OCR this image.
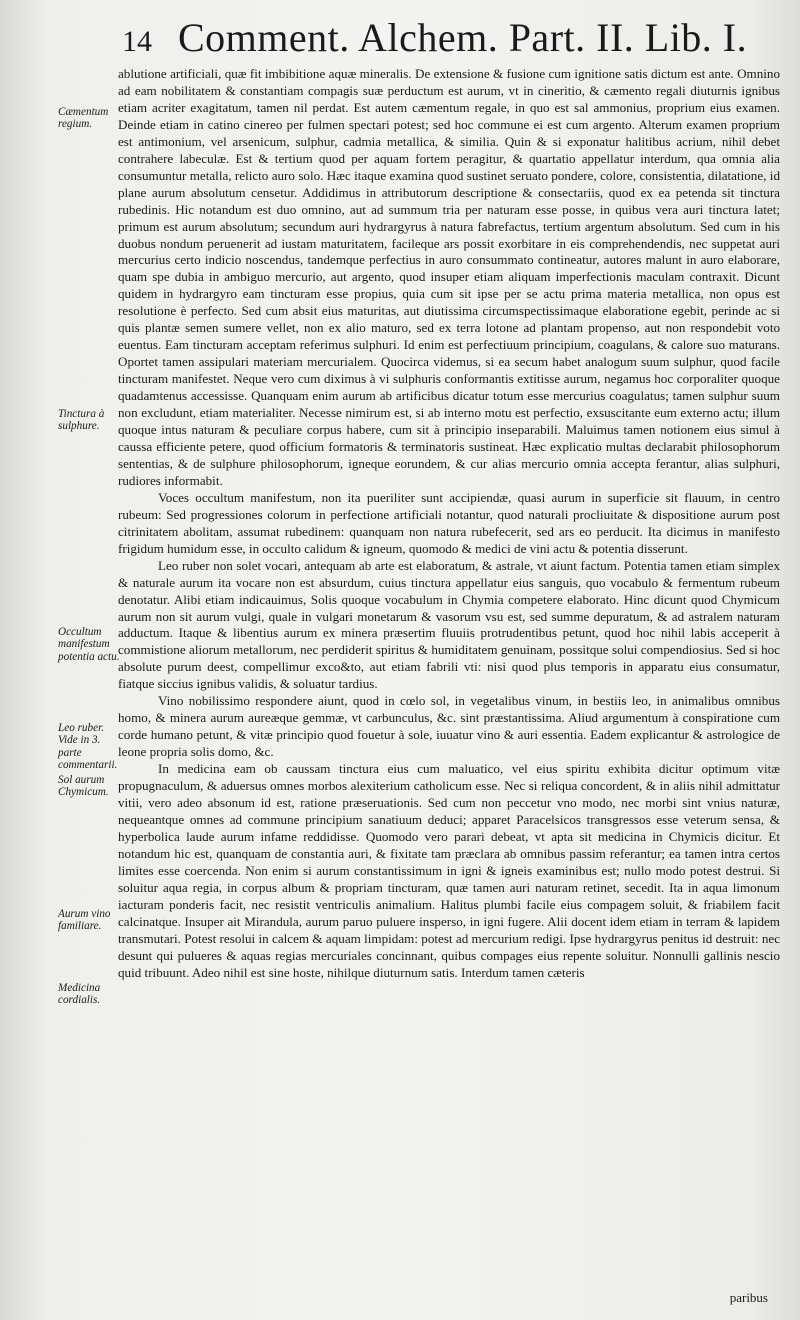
14 Comment. Alchem. Part. II. Lib. I.
Cæmentum regium.
Tinctura à sulphure.
Occultum manifestum potentia actu.
Leo ruber. Vide in 3. parte commentarii.
Sol aurum Chymicum.
Aurum vino familiare.
Medicina cordialis.

ablutione artificiali, quæ fit imbibitione aquæ mineralis. De extensione & fusione cum ignitione satis dictum est ante. Omnino ad eam nobilitatem & constantiam compagis suæ perductum est aurum, vt in cineritio, & cæmento regali diuturnis ignibus etiam acriter exagitatum, tamen nil perdat. Est autem cæmentum regale, in quo est sal ammonius, proprium eius examen. Deinde etiam in catino cinereo per fulmen spectari potest; sed hoc commune ei est cum argento. Alterum examen proprium est antimonium, vel arsenicum, sulphur, cadmia metallica, & similia. Quin & si exponatur halitibus acrium, nihil debet contrahere labeculæ. Est & tertium quod per aquam fortem peragitur, & quartatio appellatur interdum, qua omnia alia consumuntur metalla, relicto auro solo. Hæc itaque examina quod sustinet seruato pondere, colore, consistentia, dilatatione, id plane aurum absolutum censetur. Addidimus in attributorum descriptione & consectariis, quod ex ea petenda sit tinctura rubedinis. Hic notandum est duo omnino, aut ad summum tria per naturam esse posse, in quibus vera auri tinctura latet; primum est aurum absolutum; secundum auri hydrargyrus à natura fabrefactus, tertium argentum absolutum. Sed cum in his duobus nondum peruenerit ad iustam maturitatem, facileque ars possit exorbitare in eis comprehendendis, nec suppetat auri mercurius certo indicio noscendus, tandemque perfectius in auro consummato contineatur, autores malunt in auro elaborare, quam spe dubia in ambiguo mercurio, aut argento, quod insuper etiam aliquam imperfectionis maculam contraxit. Dicunt quidem in hydrargyro eam tincturam esse propius, quia cum sit ipse per se actu prima materia metallica, non opus est resolutione è perfecto. Sed cum absit eius maturitas, aut diutissima circumspectissimaque elaboratione egebit, perinde ac si quis plantæ semen sumere vellet, non ex alio maturo, sed ex terra lotone ad plantam propenso, aut non respondebit voto euentus. Eam tincturam acceptam referimus sulphuri. Id enim est perfectiuum principium, coagulans, & calore suo maturans. Oportet tamen assipulari materiam mercurialem. Quocirca videmus, si ea secum habet analogum suum sulphur, quod facile tincturam manifestet. Neque vero cum diximus à vi sulphuris conformantis extitisse aurum, negamus hoc corporaliter quoque quadamtenus accessisse. Quanquam enim aurum ab artificibus dicatur totum esse mercurius coagulatus; tamen sulphur suum non excludunt, etiam materialiter. Necesse nimirum est, si ab interno motu est perfectio, exsuscitante eum externo actu; illum quoque intus naturam & peculiare corpus habere, cum sit à principio inseparabili. Maluimus tamen notionem eius simul à caussa efficiente petere, quod officium formatoris & terminatoris sustineat. Hæc explicatio multas declarabit philosophorum sententias, & de sulphure philosophorum, igneque eorundem, & cur alias mercurio omnia accepta ferantur, alias sulphuri, rudiores informabit.

Voces occultum manifestum, non ita pueriliter sunt accipiendæ, quasi aurum in superficie sit flauum, in centro rubeum: Sed progressiones colorum in perfectione artificiali notantur, quod naturali procliuitate & dispositione aurum post citrinitatem abolitam, assumat rubedinem: quanquam non natura rubefecerit, sed ars eo perducit. Ita dicimus in manifesto frigidum humidum esse, in occulto calidum & igneum, quomodo & medici de vini actu & potentia disserunt.

Leo ruber non solet vocari, antequam ab arte est elaboratum, & astrale, vt aiunt factum. Potentia tamen etiam simplex & naturale aurum ita vocare non est absurdum, cuius tinctura appellatur eius sanguis, quo vocabulo & fermentum rubeum denotatur. Alibi etiam indicauimus, Solis quoque vocabulum in Chymia competere elaborato. Hinc dicunt quod Chymicum aurum non sit aurum vulgi, quale in vulgari monetarum & vasorum vsu est, sed summe depuratum, & ad astralem naturam adductum. Itaque & libentius aurum ex minera præsertim fluuiis protrudentibus petunt, quod hoc nihil labis acceperit à commistione aliorum metallorum, nec perdiderit spiritus & humiditatem genuinam, possitque solui compendiosius. Sed si hoc absolute purum deest, compellimur exco&to, aut etiam fabrili vti: nisi quod plus temporis in apparatu eius consumatur, fiatque siccius ignibus validis, & soluatur tardius.

Vino nobilissimo respondere aiunt, quod in cœlo sol, in vegetalibus vinum, in bestiis leo, in animalibus omnibus homo, & minera aurum aureæque gemmæ, vt carbunculus, &c. sint præstantissima. Aliud argumentum à conspiratione cum corde humano petunt, & vitæ principio quod fouetur à sole, iuuatur vino & auri essentia. Eadem explicantur & astrologice de leone propria solis domo, &c.

In medicina eam ob caussam tinctura eius cum maluatico, vel eius spiritu exhibita dicitur optimum vitæ propugnaculum, & aduersus omnes morbos alexiterium catholicum esse. Nec si reliqua concordent, & in aliis nihil admittatur vitii, vero adeo absonum id est, ratione præseruationis. Sed cum non peccetur vno modo, nec morbi sint vnius naturæ, nequeantque omnes ad commune principium sanatiuum deduci; apparet Paracelsicos transgressos esse veterum sensa, & hyperbolica laude aurum infame reddidisse. Quomodo vero parari debeat, vt apta sit medicina in Chymicis dicitur. Et notandum hic est, quanquam de constantia auri, & fixitate tam præclara ab omnibus passim referantur; ea tamen intra certos limites esse coercenda. Non enim si aurum constantissimum in igni & igneis examinibus est; nullo modo potest destrui. Si soluitur aqua regia, in corpus album & propriam tincturam, quæ tamen auri naturam retinet, secedit. Ita in aqua limonum iacturam ponderis facit, nec resistit ventriculis animalium. Halitus plumbi facile eius compagem soluit, & friabilem facit calcinatque. Insuper ait Mirandula, aurum paruo puluere insperso, in igni fugere. Alii docent idem etiam in terram & lapidem transmutari. Potest resolui in calcem & aquam limpidam: potest ad mercurium redigi. Ipse hydrargyrus penitus id destruit: nec desunt qui pulueres & aquas regias mercuriales concinnant, quibus compages eius repente soluitur. Nonnulli gallinis nescio quid tribuunt. Adeo nihil est sine hoste, nihilque diuturnum satis. Interdum tamen cæteris

paribus
